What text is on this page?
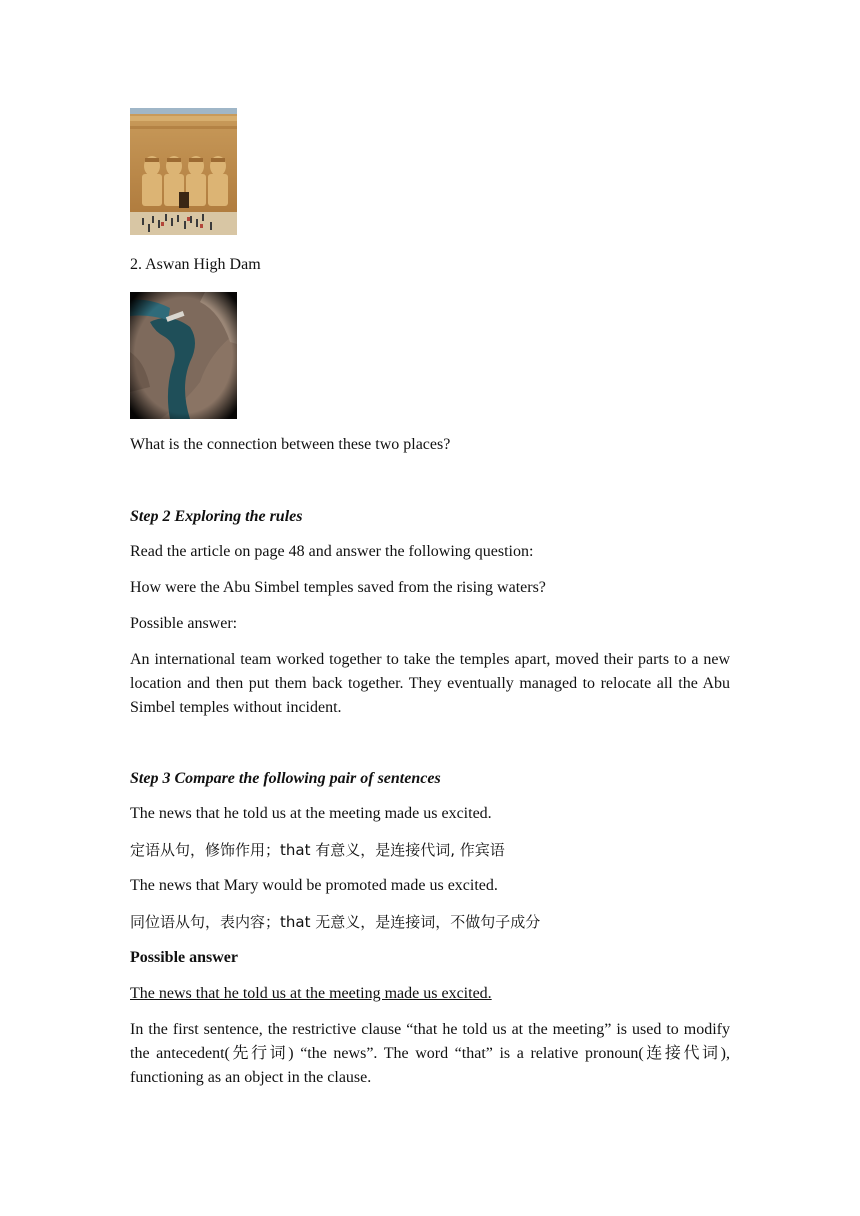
2. Aswan High Dam

What is the connection between these two places?

Step 2 Exploring the rules

Read the article on page 48 and answer the following question:

How were the Abu Simbel temples saved from the rising waters?

Possible answer:

An international team worked together to take the temples apart, moved their parts to a new location and then put them back together. They eventually managed to relocate all the Abu Simbel temples without incident.

Step 3 Compare the following pair of sentences

The news that he told us at the meeting made us excited.

定语从句，修饰作用；that 有意义，是连接代词, 作宾语

The news that Mary would be promoted made us excited.

同位语从句，表内容；that 无意义，是连接词，不做句子成分

Possible answer

The news that he told us at the meeting made us excited.

In the first sentence, the restrictive clause “that he told us at the meeting” is used to modify the antecedent(先行词) “the news”. The word “that” is a relative pronoun(连接代词), functioning as an object in the clause.
